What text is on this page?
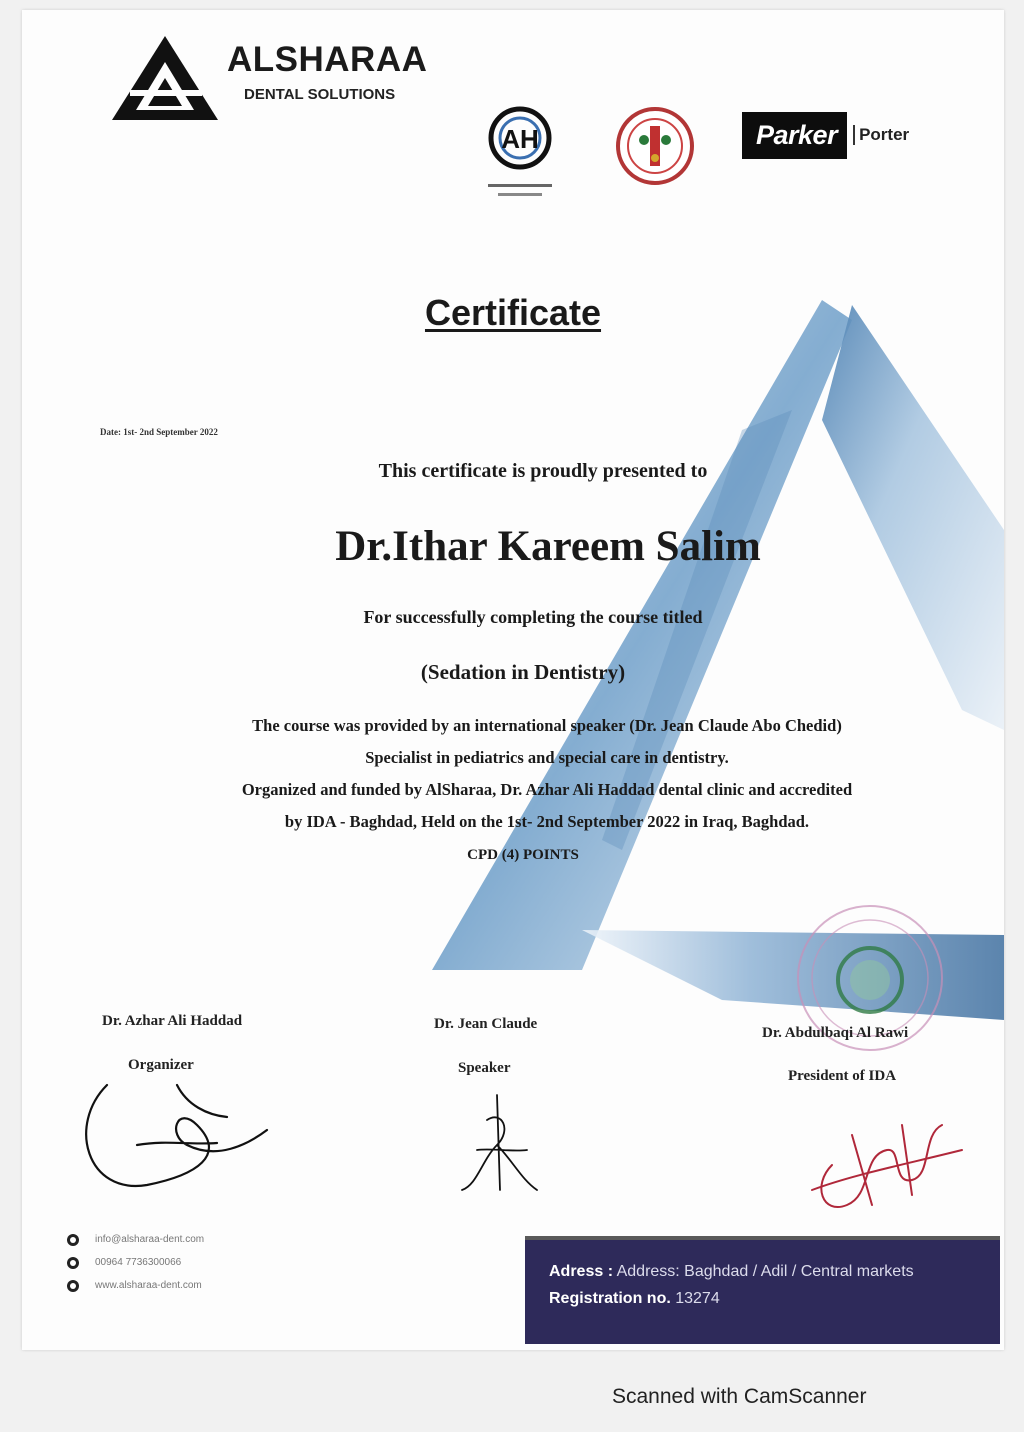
ALSHARAA
DENTAL SOLUTIONS
AH	Parker	Porter
Certificate
Date: 1st- 2nd September 2022
This certificate is proudly presented to
Dr.Ithar Kareem Salim
For successfully completing the course titled
(Sedation in Dentistry)
The course was provided by an international speaker (Dr. Jean Claude Abo Chedid)
Specialist in pediatrics and special care in dentistry.
Organized and funded by AlSharaa, Dr. Azhar Ali Haddad dental clinic and accredited
by IDA - Baghdad, Held on the 1st- 2nd September 2022 in Iraq, Baghdad.
CPD (4) POINTS
Dr. Azhar Ali Haddad
Organizer
Dr. Jean Claude
Speaker
Dr. Abdulbaqi Al Rawi
President of IDA
info@alsharaa-dent.com
00964 7736300066
www.alsharaa-dent.com
Adress : Address: Baghdad / Adil / Central markets
Registration no. 13274
Scanned with CamScanner
